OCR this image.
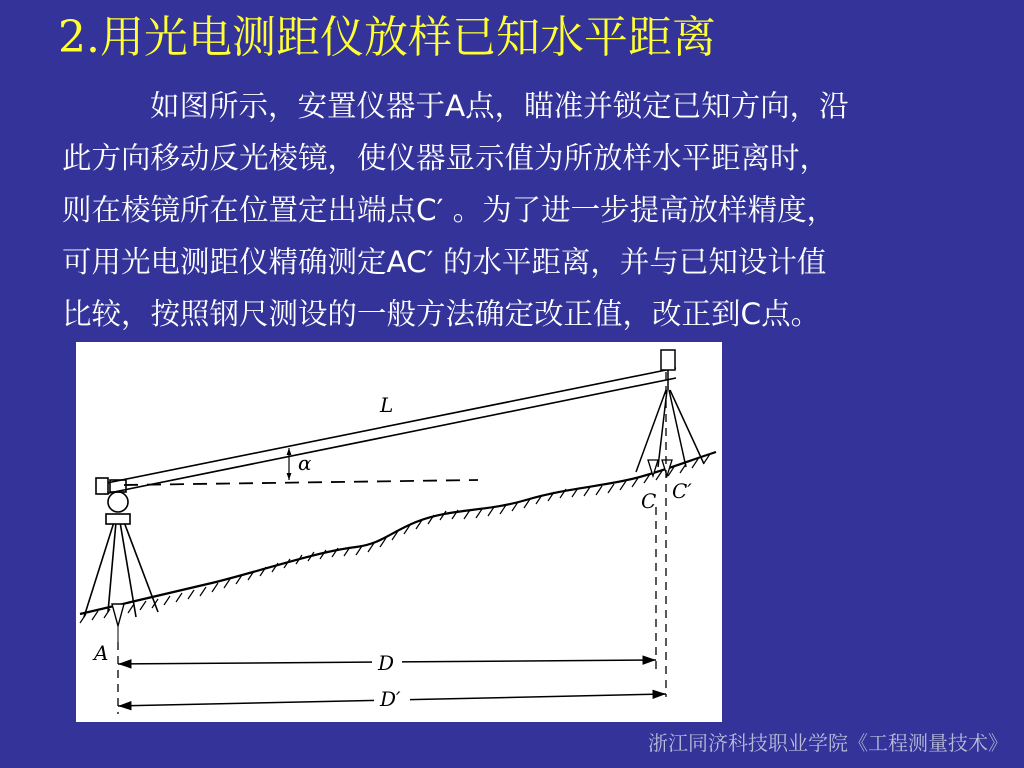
2.用光电测距仪放样已知水平距离
如图所示，安置仪器于A点，瞄准并锁定已知方向，沿
此方向移动反光棱镜，使仪器显示值为所放样水平距离时，
则在棱镜所在位置定出端点C′ 。为了进一步提高放样精度，
可用光电测距仪精确测定AC′ 的水平距离，并与已知设计值
比较，按照钢尺测设的一般方法确定改正值，改正到C点。
α
L
A
C C′
D
D′
浙江同济科技职业学院《工程测量技术》
